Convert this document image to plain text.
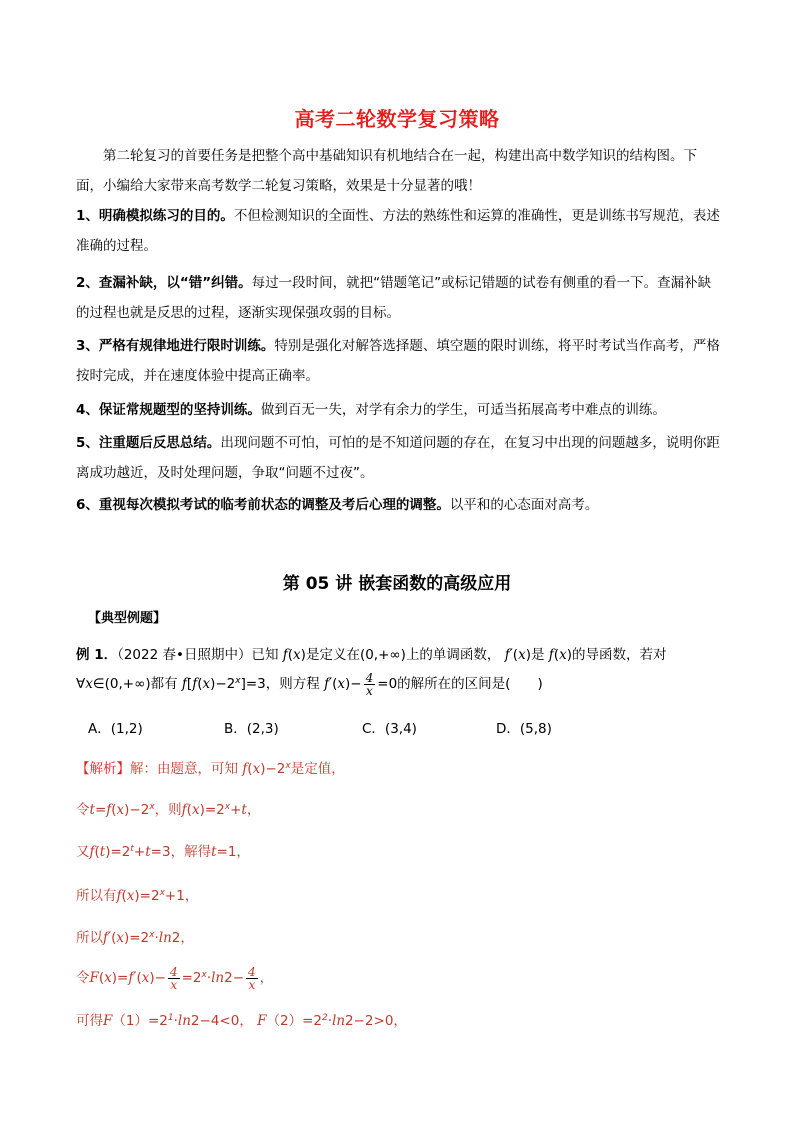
高考二轮数学复习策略

第二轮复习的首要任务是把整个高中基础知识有机地结合在一起，构建出高中数学知识的结构图。下面，小编给大家带来高考数学二轮复习策略，效果是十分显著的哦！

1、明确模拟练习的目的。不但检测知识的全面性、方法的熟练性和运算的准确性，更是训练书写规范，表述准确的过程。

2、查漏补缺，以“错”纠错。每过一段时间，就把“错题笔记”或标记错题的试卷有侧重的看一下。查漏补缺的过程也就是反思的过程，逐渐实现保强攻弱的目标。

3、严格有规律地进行限时训练。特别是强化对解答选择题、填空题的限时训练，将平时考试当作高考，严格按时完成，并在速度体验中提高正确率。

4、保证常规题型的坚持训练。做到百无一失，对学有余力的学生，可适当拓展高考中难点的训练。

5、注重题后反思总结。出现问题不可怕，可怕的是不知道问题的存在，在复习中出现的问题越多，说明你距离成功越近，及时处理问题，争取“问题不过夜”。

6、重视每次模拟考试的临考前状态的调整及考后心理的调整。以平和的心态面对高考。

第 05 讲 嵌套函数的高级应用
【典型例题】
例 1．（2022 春•日照期中）已知 f(x)是定义在(0,+∞)上的单调函数， f′(x)是 f(x)的导函数，若对
∀x∈(0,+∞)都有 $f[f(x)-2^x]=3$，则方程 $f'(x)- \frac{4}{x} =0$的解所在的区间是(　　)
A．(1,2)	B．(2,3)	C．(3,4)	D．(5,8)
【解析】解：由题意，可知 $f(x)-2^x$是定值，
令$t=f(x)-2^x$，则$f(x)=2^x+t$，
又$f(t)=2^t+t=3$，解得t=1，
所以有$f(x)=2^x+1$，
所以$f'(x)=2^x\cdot\ln 2$，
令$F(x)=f'(x)- \frac{4}{x} =2^x\cdot\ln 2- \frac{4}{x}$ ，
可得$F(1)=2^1\cdot\ln 2-4<0$， $F(2)=2^2\cdot\ln 2-2>0$，
